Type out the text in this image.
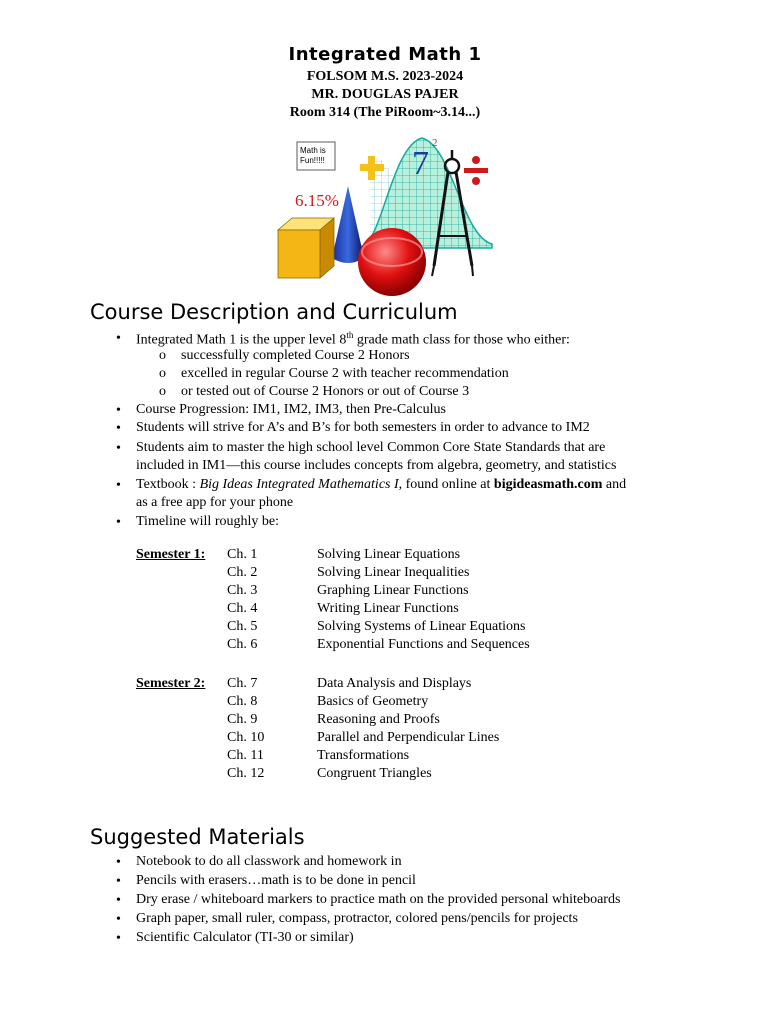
Integrated Math 1
FOLSOM M.S. 2023-2024
MR. DOUGLAS PAJER
Room 314 (The PiRoom~3.14...)
Math is
Fun!!!!!	7
2
6.15%
Course Description and Curriculum
• Integrated Math 1 is the upper level 8th grade math class for those who either:
o successfully completed Course 2 Honors
o excelled in regular Course 2 with teacher recommendation
o or tested out of Course 2 Honors or out of Course 3
• Course Progression: IM1, IM2, IM3, then Pre-Calculus
• Students will strive for A’s and B’s for both semesters in order to advance to IM2
• Students aim to master the high school level Common Core State Standards that are
included in IM1—this course includes concepts from algebra, geometry, and statistics
• Textbook : Big Ideas Integrated Mathematics I, found online at bigideasmath.com and
as a free app for your phone
• Timeline will roughly be:
Semester 1: Ch. 1	Solving Linear Equations
Ch. 2	Solving Linear Inequalities
Ch. 3	Graphing Linear Functions
Ch. 4	Writing Linear Functions
Ch. 5	Solving Systems of Linear Equations
Ch. 6	Exponential Functions and Sequences
Semester 2: Ch. 7	Data Analysis and Displays
Ch. 8	Basics of Geometry
Ch. 9	Reasoning and Proofs
Ch. 10	Parallel and Perpendicular Lines
Ch. 11	Transformations
Ch. 12	Congruent Triangles
Suggested Materials
• Notebook to do all classwork and homework in
• Pencils with erasers…math is to be done in pencil
• Dry erase / whiteboard markers to practice math on the provided personal whiteboards
• Graph paper, small ruler, compass, protractor, colored pens/pencils for projects
• Scientific Calculator (TI-30 or similar)
